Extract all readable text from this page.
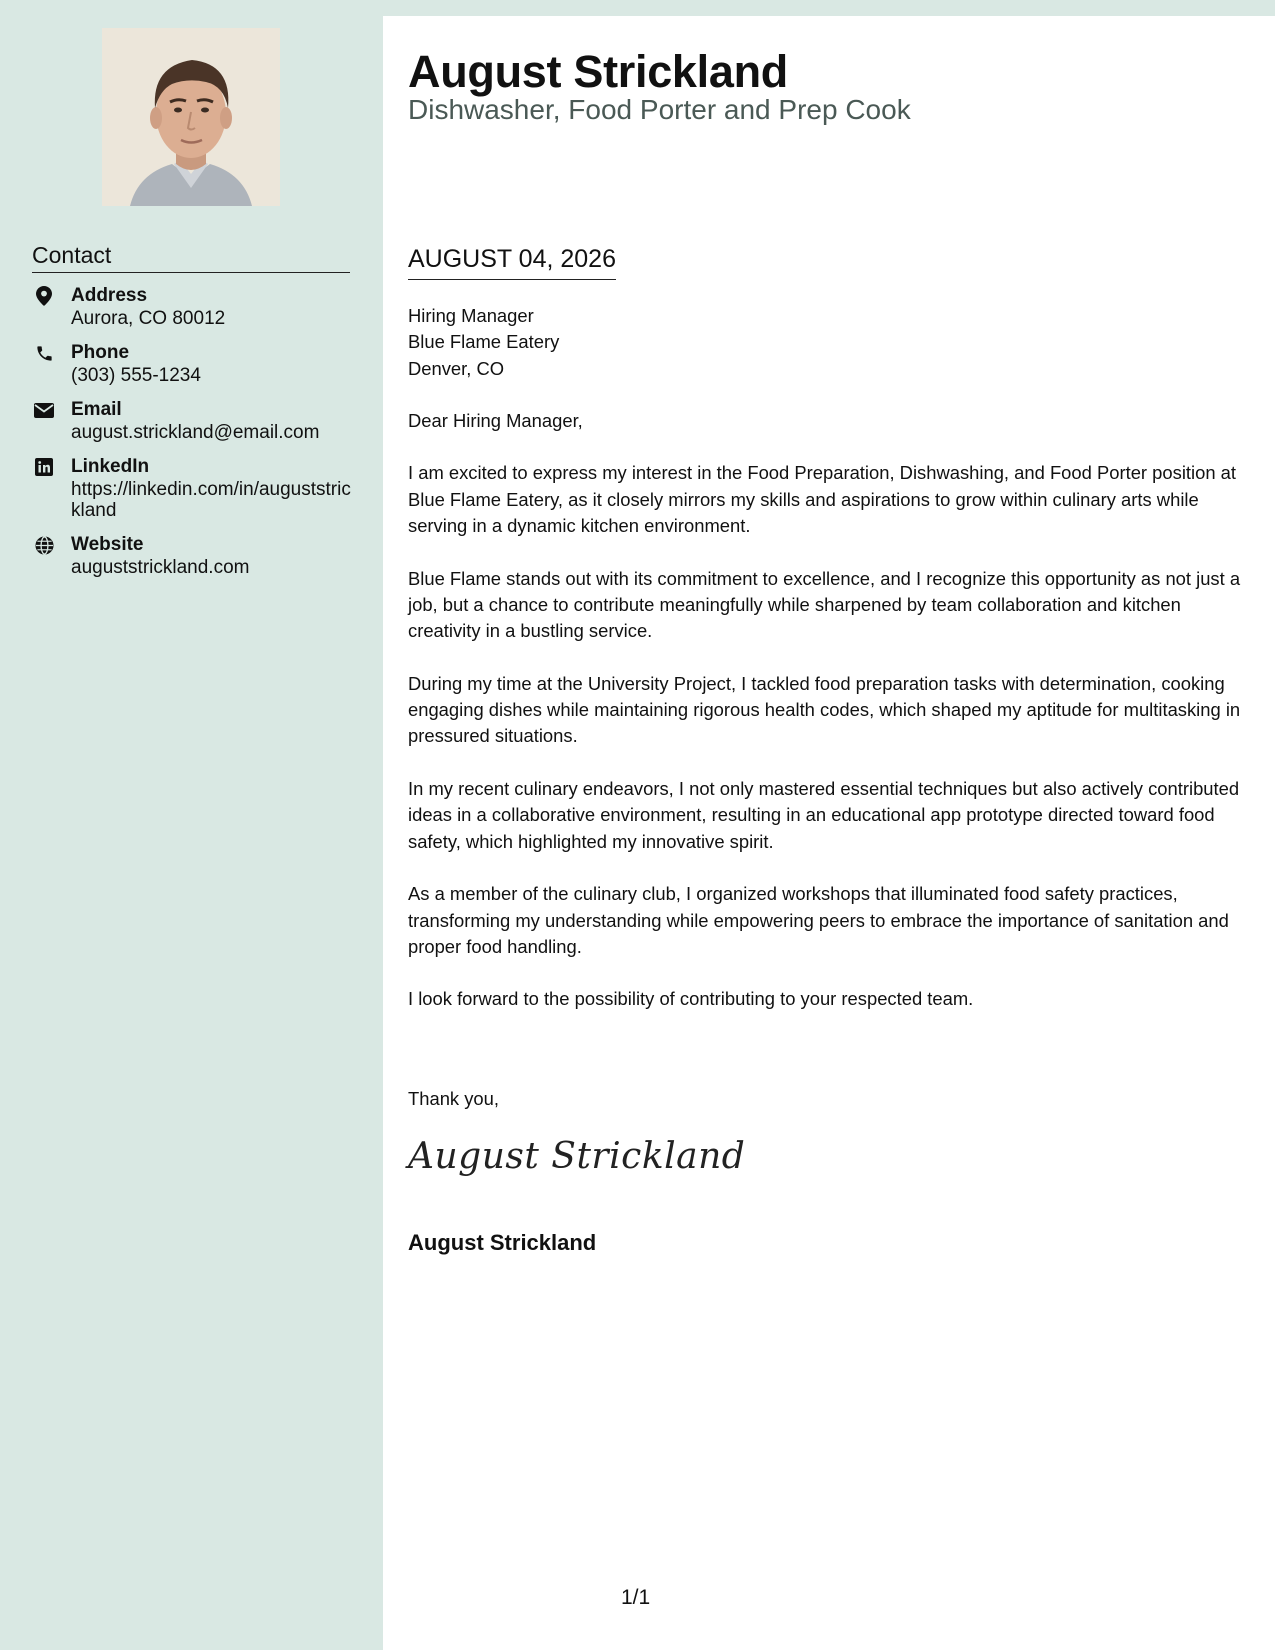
Contact
Address
Aurora, CO 80012
Phone
(303) 555-1234
Email
august.strickland@email.com
LinkedIn
https://linkedin.com/in/augustst​rickland
Website
auguststrickland.com
August Strickland
Dishwasher, Food Porter and Prep Cook
AUGUST 04, 2026

Hiring Manager

Blue Flame Eatery

Denver, CO

Dear Hiring Manager,

I am excited to express my interest in the Food Preparation, Dishwashing, and Food Porter position at Blue Flame Eatery, as it closely mirrors my skills and aspirations to grow within culinary arts while serving in a dynamic kitchen environment.

Blue Flame stands out with its commitment to excellence, and I recognize this opportunity as not just a job, but a chance to contribute meaningfully while sharpened by team collaboration and kitchen creativity in a bustling service.

During my time at the University Project, I tackled food preparation tasks with determination, cooking engaging dishes while maintaining rigorous health codes, which shaped my aptitude for multitasking in pressured situations.

In my recent culinary endeavors, I not only mastered essential techniques but also actively contributed ideas in a collaborative environment, resulting in an educational app prototype directed toward food safety, which highlighted my innovative spirit.

As a member of the culinary club, I organized workshops that illuminated food safety practices, transforming my understanding while empowering peers to embrace the importance of sanitation and proper food handling.

I look forward to the possibility of contributing to your respected team.

Thank you,
August Strickland
August Strickland
1/1
